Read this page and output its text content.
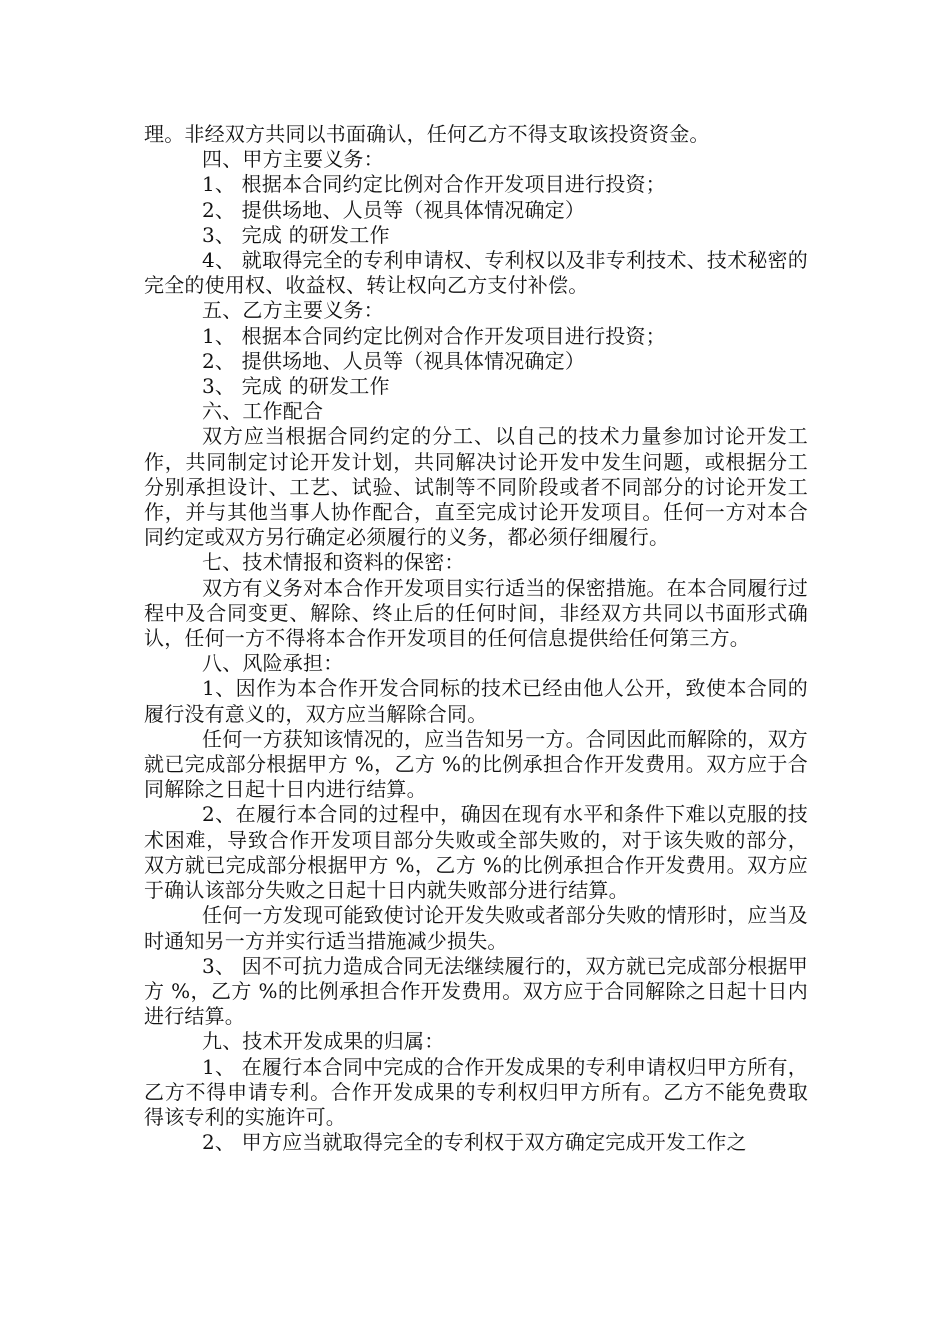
理。非经双方共同以书面确认，任何乙方不得支取该投资资金。

四、甲方主要义务：

1、 根据本合同约定比例对合作开发项目进行投资；

2、 提供场地、人员等（视具体情况确定）

3、 完成 的研发工作

4、 就取得完全的专利申请权、专利权以及非专利技术、技术秘密的完全的使用权、收益权、转让权向乙方支付补偿。

五、乙方主要义务：

1、 根据本合同约定比例对合作开发项目进行投资；

2、 提供场地、人员等（视具体情况确定）

3、 完成 的研发工作

六、工作配合

双方应当根据合同约定的分工、以自己的技术力量参加讨论开发工作，共同制定讨论开发计划，共同解决讨论开发中发生问题，或根据分工分别承担设计、工艺、试验、试制等不同阶段或者不同部分的讨论开发工作，并与其他当事人协作配合，直至完成讨论开发项目。任何一方对本合同约定或双方另行确定必须履行的义务，都必须仔细履行。

七、技术情报和资料的保密：

双方有义务对本合作开发项目实行适当的保密措施。在本合同履行过程中及合同变更、解除、终止后的任何时间，非经双方共同以书面形式确认，任何一方不得将本合作开发项目的任何信息提供给任何第三方。

八、风险承担：

1、因作为本合作开发合同标的技术已经由他人公开，致使本合同的履行没有意义的，双方应当解除合同。

任何一方获知该情况的，应当告知另一方。合同因此而解除的，双方就已完成部分根据甲方 %，乙方 %的比例承担合作开发费用。双方应于合同解除之日起十日内进行结算。

2、在履行本合同的过程中，确因在现有水平和条件下难以克服的技术困难，导致合作开发项目部分失败或全部失败的，对于该失败的部分，双方就已完成部分根据甲方 %，乙方 %的比例承担合作开发费用。双方应于确认该部分失败之日起十日内就失败部分进行结算。

任何一方发现可能致使讨论开发失败或者部分失败的情形时，应当及时通知另一方并实行适当措施减少损失。

3、 因不可抗力造成合同无法继续履行的，双方就已完成部分根据甲方 %，乙方 %的比例承担合作开发费用。双方应于合同解除之日起十日内进行结算。

九、技术开发成果的归属：

1、 在履行本合同中完成的合作开发成果的专利申请权归甲方所有，乙方不得申请专利。合作开发成果的专利权归甲方所有。乙方不能免费取得该专利的实施许可。

2、 甲方应当就取得完全的专利权于双方确定完成开发工作之
